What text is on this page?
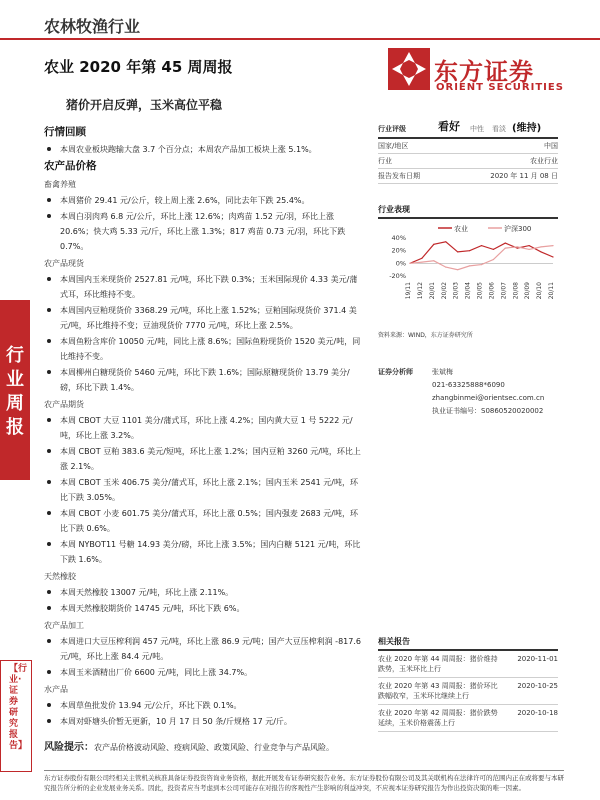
农林牧渔行业
农业 2020 年第 45 周周报
猪价开启反弹，玉米高位平稳
东方证券
ORIENT SECURITIES
行业周报
【行业·证券研究报告】

行情回顾

本周农业板块跑输大盘 3.7 个百分点；本周农产品加工板块上涨 5.1%。

农产品价格

畜禽养殖
本周猪价 29.41 元/公斤，较上周上涨 2.6%，同比去年下跌 25.4%。
本周白羽肉鸡 6.8 元/公斤，环比上涨 12.6%；肉鸡苗 1.52 元/羽，环比上涨 20.6%；快大鸡 5.33 元/斤，环比上涨 1.3%；817 鸡苗 0.73 元/羽，环比下跌 0.7%。
农产品现货
本周国内玉米现货价 2527.81 元/吨，环比下跌 0.3%；玉米国际现价 4.33 美元/蒲式耳，环比维持不变。
本周国内豆粕现货价 3368.29 元/吨，环比上涨 1.52%；豆粕国际现货价 371.4 美元/吨，环比维持不变；豆油现货价 7770 元/吨，环比上涨 2.5%。
本周鱼粉含库价 10050 元/吨，同比上涨 8.6%；国际鱼粉现货价 1520 美元/吨，同比维持不变。
本周柳州白糖现货价 5460 元/吨，环比下跌 1.6%；国际原糖现货价 13.79 美分/磅，环比下跌 1.4%。
农产品期货
本周 CBOT 大豆 1101 美分/蒲式耳，环比上涨 4.2%；国内黄大豆 1 号 5222 元/吨，环比上涨 3.2%。
本周 CBOT 豆粕 383.6 美元/短吨，环比上涨 1.2%；国内豆粕 3260 元/吨，环比上涨 2.1%。
本周 CBOT 玉米 406.75 美分/蒲式耳，环比上涨 2.1%；国内玉米 2541 元/吨，环比下跌 3.05%。
本周 CBOT 小麦 601.75 美分/蒲式耳，环比上涨 0.5%；国内强麦 2683 元/吨，环比下跌 0.6%。
本周 NYBOT11 号糖 14.93 美分/磅，环比上涨 3.5%；国内白糖 5121 元/吨，环比下跌 1.6%。
天然橡胶
本周天然橡胶 13007 元/吨，环比上涨 2.11%。
本周天然橡胶期货价 14745 元/吨，环比下跌 6%。
农产品加工
本周进口大豆压榨利润 457 元/吨，环比上涨 86.9 元/吨；国产大豆压榨利润 -817.6 元/吨，环比上涨 84.4 元/吨。
本周玉米酒精出厂价 6600 元/吨，同比上涨 34.7%。
水产品
本周草鱼批发价 13.94 元/公斤，环比下跌 0.1%。
本周对虾塘头价暂无更新，10 月 17 日 50 条/斤规格 17 元/斤。
风险提示：农产品价格波动风险、疫病风险、政策风险、行业竞争与产品风险。
行业评级	看好 中性 看淡 (维持)
国家/地区	中国
行业	农业行业
报告发布日期	2020 年 11 月 08 日
行业表现
农业	沪深300
40%
20%
0%
-20%
19/11 19/12 20/01 20/02 20/03 20/04 20/05 20/06 20/07 20/08 20/09 20/10 20/11
资料来源：WIND，东方证券研究所
证券分析师	张斌梅
021-63325888*6090
zhangbinmei@orientsec.com.cn
执业证书编号：S0860520020002
相关报告
农业 2020 年第 44 周周报：猪价维持跌势，玉米环比上行
2020-11-01
农业 2020 年第 43 周周报：猪价环比跌幅收窄，玉米环比继续上行
2020-10-25
农业 2020 年第 42 周周报：猪价跌势延续，玉米价格震荡上行
2020-10-18
东方证券股份有限公司经相关主管机关核准具备证券投资咨询业务资格，据此开展发布证券研究报告业务。东方证券股份有限公司及其关联机构在法律许可的范围内正在或将要与本研究报告所分析的企业发展业务关系。因此，投资者应当考虑到本公司可能存在对报告的客观性产生影响的利益冲突，不应视本证券研究报告为作出投资决策的唯一因素。
